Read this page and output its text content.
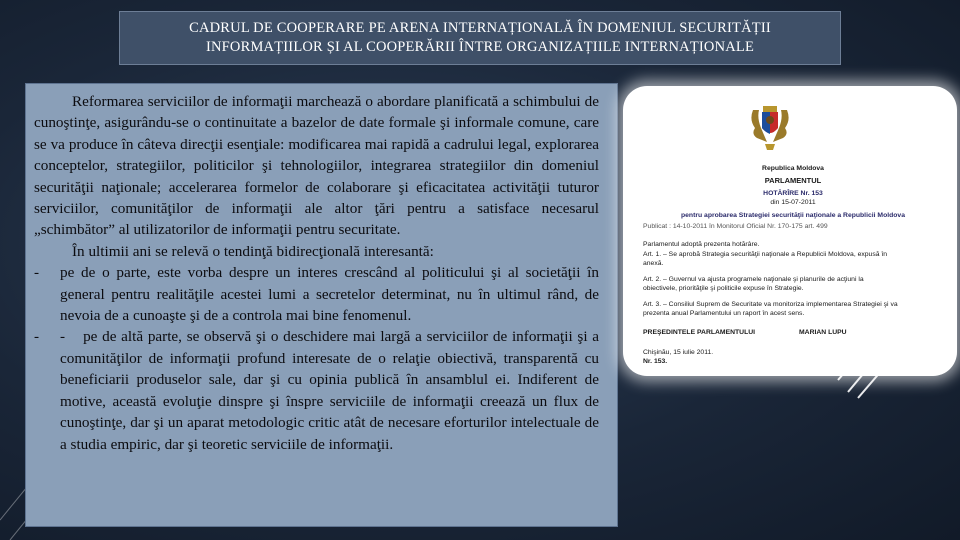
CADRUL DE COOPERARE PE ARENA INTERNAȚIONALĂ ÎN DOMENIUL SECURITĂȚII
INFORMAȚIILOR ȘI AL COOPERĂRII ÎNTRE ORGANIZAȚIILE INTERNAȚIONALE

Reformarea serviciilor de informaţii marchează o abordare planificată a schimbului de cunoştinţe, asigurându-se o continuitate a bazelor de date formale şi informale comune, care se va produce în câteva direcţii esenţiale: modificarea mai rapidă a cadrului legal, explorarea conceptelor, strategiilor, politicilor şi tehnologiilor, integrarea strategiilor din domeniul securităţii naţionale; accelerarea formelor de colaborare şi eficacitatea activităţii tuturor serviciilor, comunităţilor de informaţii ale altor ţări pentru a satisface necesarul „schimbător” al utilizatorilor de informaţii pentru securitate.

În ultimii ani se relevă o tendinţă bidirecţională interesantă:

-	pe de o parte, este vorba despre un interes crescând al politicului şi al societăţii în general pentru realităţile acestei lumi a secretelor determinat, nu în ultimul rând, de nevoia de a cunoaşte şi de a controla mai bine fenomenul.
-	- pe de altă parte, se observă şi o deschidere mai largă a serviciilor de informaţii şi a comunităţilor de informaţii profund interesate de o relaţie obiectivă, transparentă cu beneficiarii produselor sale, dar şi cu opinia publică în ansamblul ei. Indiferent de motive, această evoluţie dinspre şi înspre serviciile de informaţii creează un flux de cunoştinţe, dar şi un aparat metodologic critic atât de necesare eforturilor intelectuale de a studia empiric, dar şi teoretic serviciile de informaţii.
Republica Moldova
PARLAMENTUL
HOTĂRÎRE Nr. 153
din 15-07-2011
pentru aprobarea Strategiei securităţii naţionale a Republicii Moldova
Publicat : 14-10-2011 în Monitorul Oficial Nr. 170-175 art. 499
Parlamentul adoptă prezenta hotărâre.
Art. 1. – Se aprobă Strategia securităţii naţionale a Republicii Moldova, expusă în
anexă.
Art. 2. – Guvernul va ajusta programele naţionale şi planurile de acţiuni la
obiectivele, priorităţile şi politicile expuse în Strategie.
Art. 3. – Consiliul Suprem de Securitate va monitoriza implementarea Strategiei şi va
prezenta anual Parlamentului un raport în acest sens.
PREŞEDINTELE PARLAMENTULUI	MARIAN LUPU
Chişinău, 15 iulie 2011.
Nr. 153.
